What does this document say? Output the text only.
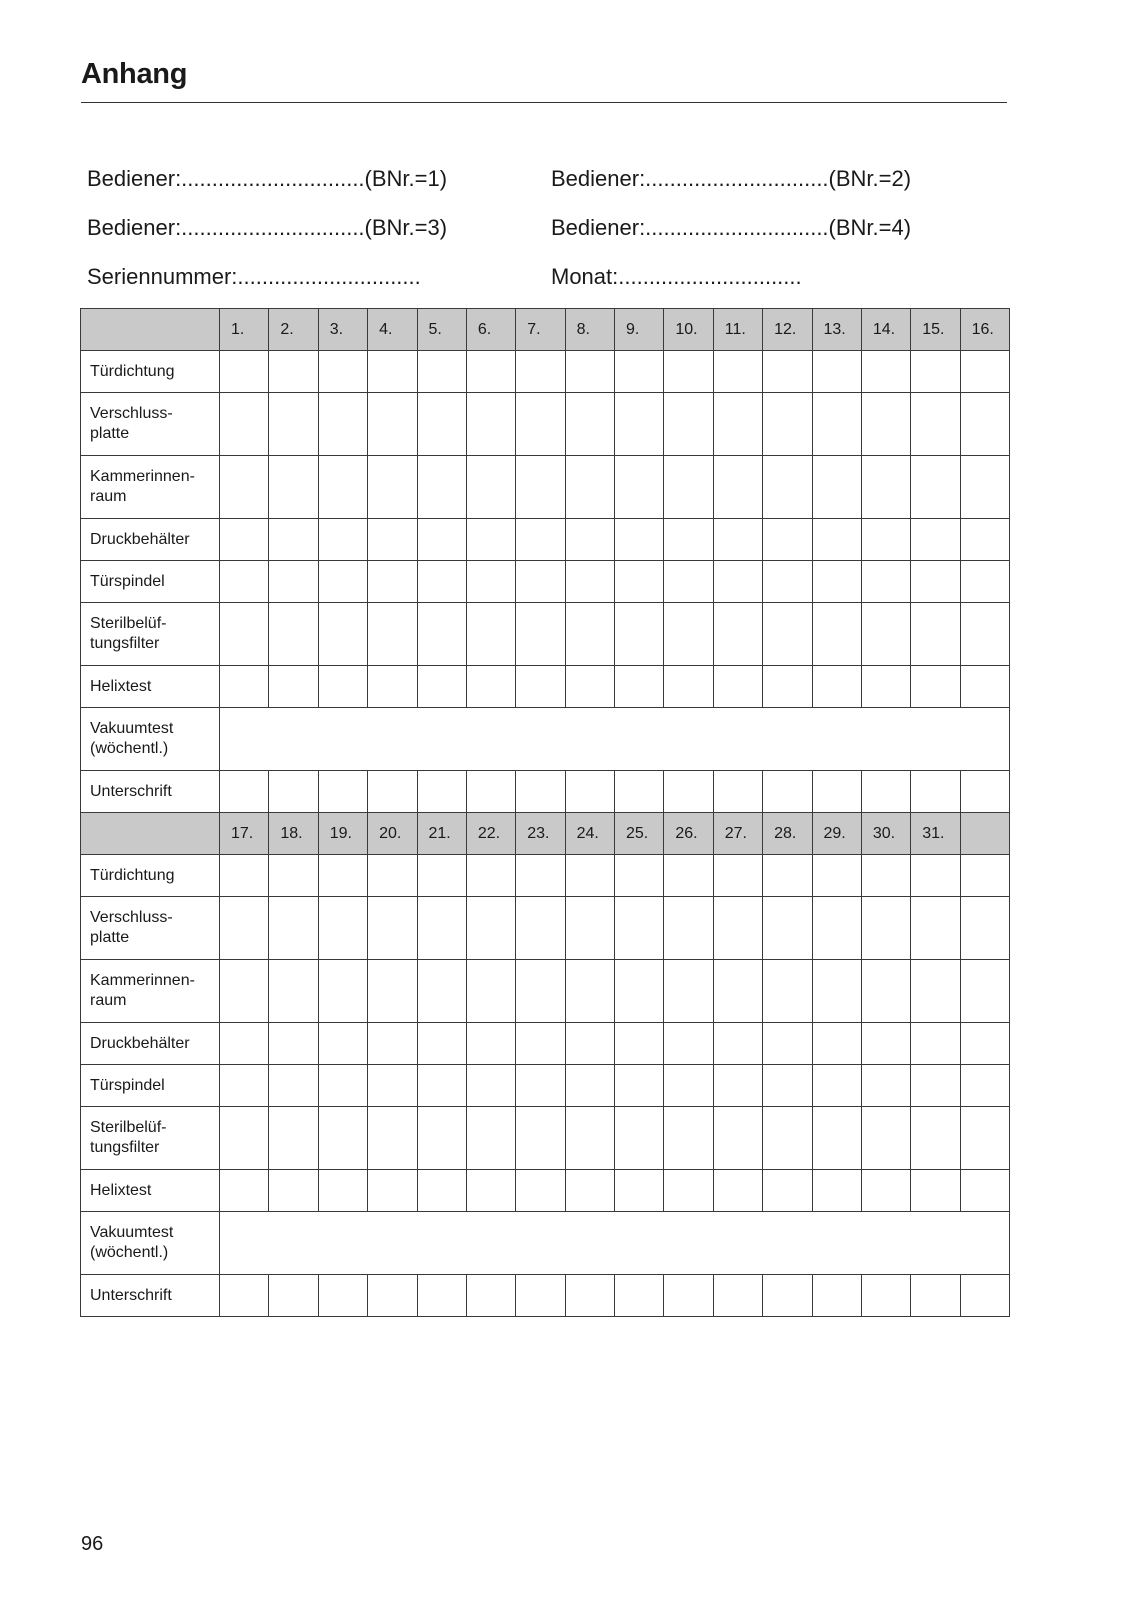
Anhang
Bediener:..............................(BNr.=1)	Bediener:..............................(BNr.=2)
Bediener:..............................(BNr.=3)	Bediener:..............................(BNr.=4)
Seriennummer:..............................	Monat:..............................
	1.	2.	3.	4.	5.	6.	7.	8.	9.	10.	11.	12.	13.	14.	15.	16.

Türdichtung																

Verschluss-
platte																

Kammerinnen-
raum																

Druckbehälter																

Türspindel																

Sterilbelüf-
tungsfilter																

Helixtest																

Vakuumtest
(wöchentl.)																

Unterschrift																

	17.	18.	19.	20.	21.	22.	23.	24.	25.	26.	27.	28.	29.	30.	31.	

Türdichtung																

Verschluss-
platte																

Kammerinnen-
raum																

Druckbehälter																

Türspindel																

Sterilbelüf-
tungsfilter																

Helixtest																

Vakuumtest
(wöchentl.)																

Unterschrift																

96
